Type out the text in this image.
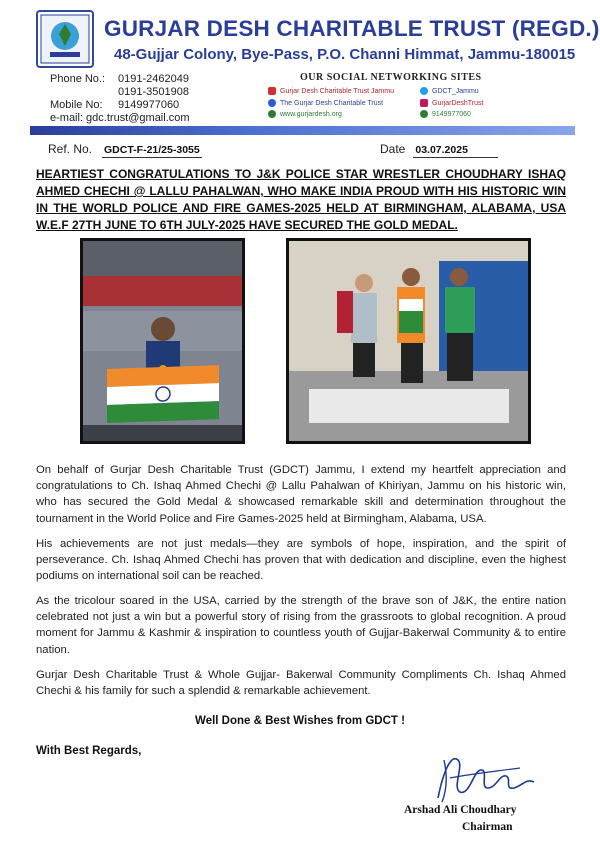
GURJAR DESH CHARITABLE TRUST (REGD.)
48-Gujjar Colony, Bye-Pass, P.O. Channi Himmat, Jammu-180015
Phone No.: 0191-2462049
0191-3501908
Mobile No: 9149977060
e-mail: gdc.trust@gmail.com
OUR SOCIAL NETWORKING SITES
Gurjar Desh Charitable Trust Jammu
The Gurjar Desh Charitable Trust
www.gurjardesh.org
GDCT_Jammu
GurjarDeshTrust
9149977060
Ref. No. GDCT-F-21/25-3055	Date 03.07.2025
HEARTIEST CONGRATULATIONS TO J&K POLICE STAR WRESTLER CHOUDHARY ISHAQ AHMED CHECHI @ LALLU PAHALWAN, WHO MAKE INDIA PROUD WITH HIS HISTORIC WIN IN THE WORLD POLICE AND FIRE GAMES-2025 HELD AT BIRMINGHAM, ALABAMA, USA W.E.F 27TH JUNE TO 6TH JULY-2025 HAVE SECURED THE GOLD MEDAL.
On behalf of Gurjar Desh Charitable Trust (GDCT) Jammu, I extend my heartfelt appreciation and congratulations to Ch. Ishaq Ahmed Chechi @ Lallu Pahalwan of Khiriyan, Jammu on his historic win, who has secured the Gold Medal & showcased remarkable skill and determination throughout the tournament in the World Police and Fire Games-2025 held at Birmingham, Alabama, USA.
His achievements are not just medals—they are symbols of hope, inspiration, and the spirit of perseverance. Ch. Ishaq Ahmed Chechi has proven that with dedication and discipline, even the highest podiums on international soil can be reached.
As the tricolour soared in the USA, carried by the strength of the brave son of J&K, the entire nation celebrated not just a win but a powerful story of rising from the grassroots to global recognition. A proud moment for Jammu & Kashmir & inspiration to countless youth of Gujjar-Bakerwal Community & to entire nation.
Gurjar Desh Charitable Trust & Whole Gujjar- Bakerwal Community Compliments Ch. Ishaq Ahmed Chechi & his family for such a splendid & remarkable achievement.
Well Done & Best Wishes from GDCT !
With Best Regards,
Arshad Ali Choudhary
Chairman
